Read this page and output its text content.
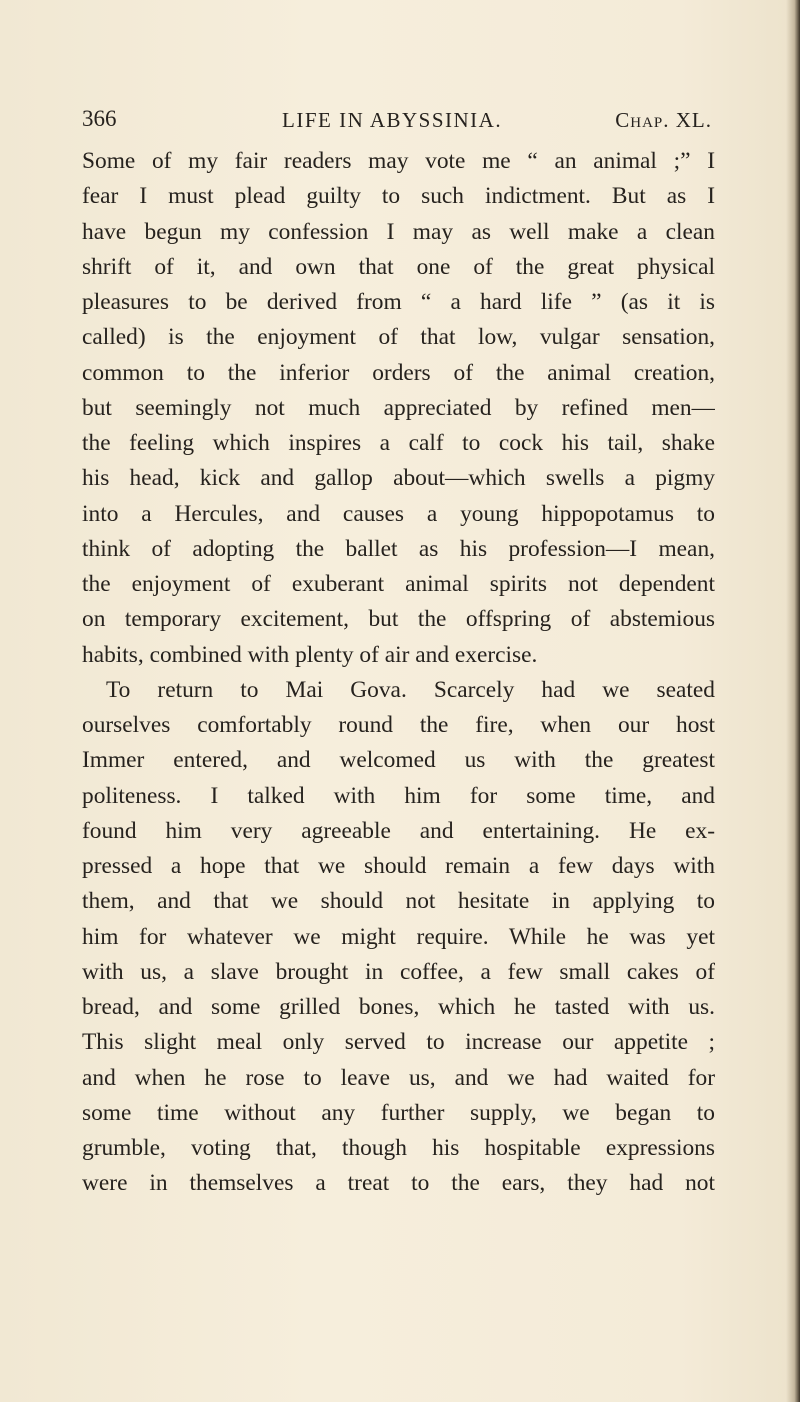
366	LIFE IN ABYSSINIA.	Chap. XL.
Some of my fair readers may vote me “ an animal ;” I
fear I must plead guilty to such indictment. But as I
have begun my confession I may as well make a clean
shrift of it, and own that one of the great physical
pleasures to be derived from “ a hard life ” (as it is
called) is the enjoyment of that low, vulgar sensation,
common to the inferior orders of the animal creation,
but seemingly not much appreciated by refined men—
the feeling which inspires a calf to cock his tail, shake
his head, kick and gallop about—which swells a pigmy
into a Hercules, and causes a young hippopotamus to
think of adopting the ballet as his profession—I mean,
the enjoyment of exuberant animal spirits not dependent
on temporary excitement, but the offspring of abstemious
habits, combined with plenty of air and exercise.
To return to Mai Gova. Scarcely had we seated
ourselves comfortably round the fire, when our host
Immer entered, and welcomed us with the greatest
politeness. I talked with him for some time, and
found him very agreeable and entertaining. He ex-
pressed a hope that we should remain a few days with
them, and that we should not hesitate in applying to
him for whatever we might require. While he was yet
with us, a slave brought in coffee, a few small cakes of
bread, and some grilled bones, which he tasted with us.
This slight meal only served to increase our appetite ;
and when he rose to leave us, and we had waited for
some time without any further supply, we began to
grumble, voting that, though his hospitable expressions
were in themselves a treat to the ears, they had not
